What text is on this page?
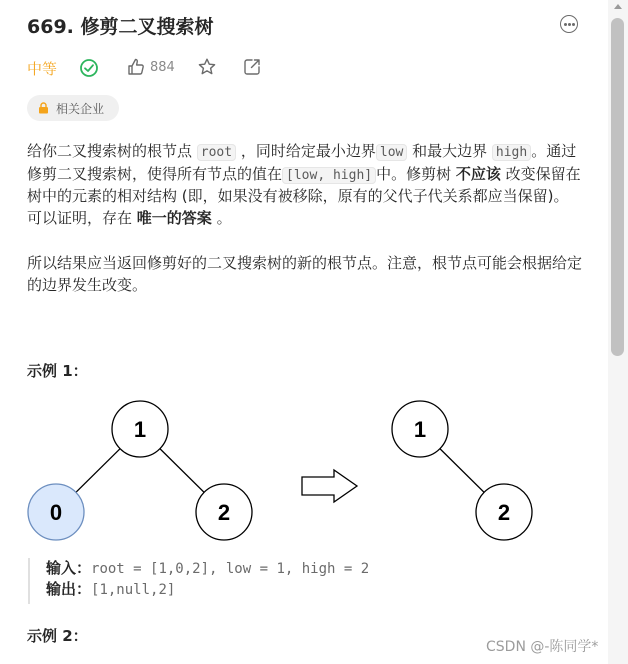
669. 修剪二叉搜索树
中等	884
相关企业

给你二叉搜索树的根节点 root ，同时给定最小边界 low 和最大边界 high 。通过修剪二叉搜索树，使得所有节点的值在 [low, high] 中。修剪树 不应该 改变保留在树中的元素的相对结构 (即，如果没有被移除，原有的父代子代关系都应当保留)。 可以证明，存在 唯一的答案 。

所以结果应当返回修剪好的二叉搜索树的新的根节点。注意，根节点可能会根据给定的边界发生改变。

示例 1：
1
0	2
1
2
输入：root = [1,0,2], low = 1, high = 2
输出：[1,null,2]
示例 2：
CSDN @-陈同学*
